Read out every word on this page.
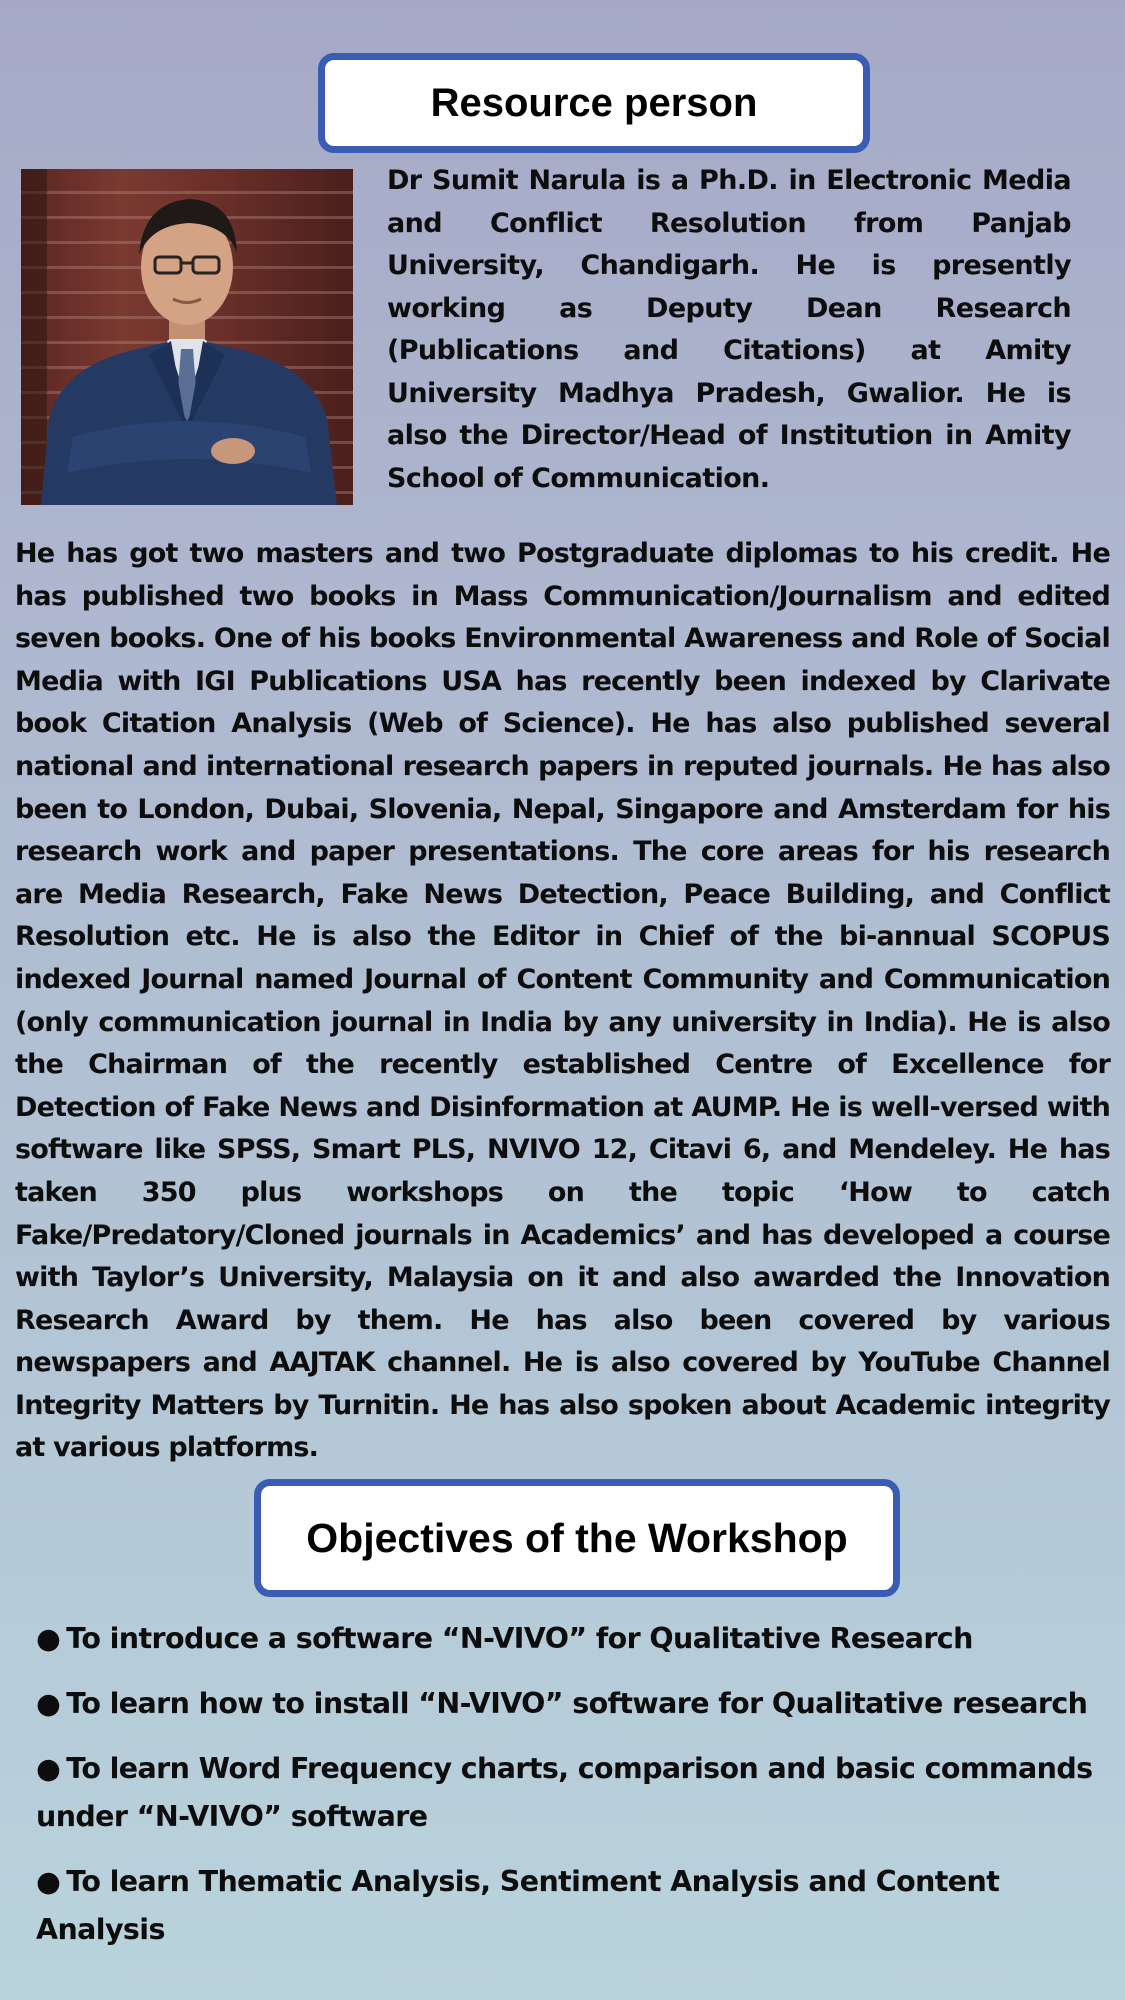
Resource person

Dr Sumit Narula is a Ph.D. in Electronic Media and Conflict Resolution from Panjab University, Chandigarh. He is presently working as Deputy Dean Research (Publications and Citations) at Amity University Madhya Pradesh, Gwalior. He is also the Director/Head of Institution in Amity School of Communication.

He has got two masters and two Postgraduate diplomas to his credit. He has published two books in Mass Communication/Journalism and edited seven books. One of his books Environmental Awareness and Role of Social Media with IGI Publications USA has recently been indexed by Clarivate book Citation Analysis (Web of Science). He has also published several national and international research papers in reputed journals. He has also been to London, Dubai, Slovenia, Nepal, Singapore and Amsterdam for his research work and paper presentations. The core areas for his research are Media Research, Fake News Detection, Peace Building, and Conflict Resolution etc. He is also the Editor in Chief of the bi-annual SCOPUS indexed Journal named Journal of Content Community and Communication (only communication journal in India by any university in India). He is also the Chairman of the recently established Centre of Excellence for Detection of Fake News and Disinformation at AUMP. He is well-versed with software like SPSS, Smart PLS, NVIVO 12, Citavi 6, and Mendeley. He has taken 350 plus workshops on the topic ‘How to catch Fake/Predatory/Cloned journals in Academics’ and has developed a course with Taylor’s University, Malaysia on it and also awarded the Innovation Research Award by them. He has also been covered by various newspapers and AAJTAK channel. He is also covered by YouTube Channel Integrity Matters by Turnitin. He has also spoken about Academic integrity at various platforms.

Objectives of the Workshop
● To introduce a software “N-VIVO” for Qualitative Research
● To learn how to install “N-VIVO” software for Qualitative research
● To learn Word Frequency charts, comparison and basic commands under “N-VIVO” software
● To learn Thematic Analysis, Sentiment Analysis and Content Analysis
